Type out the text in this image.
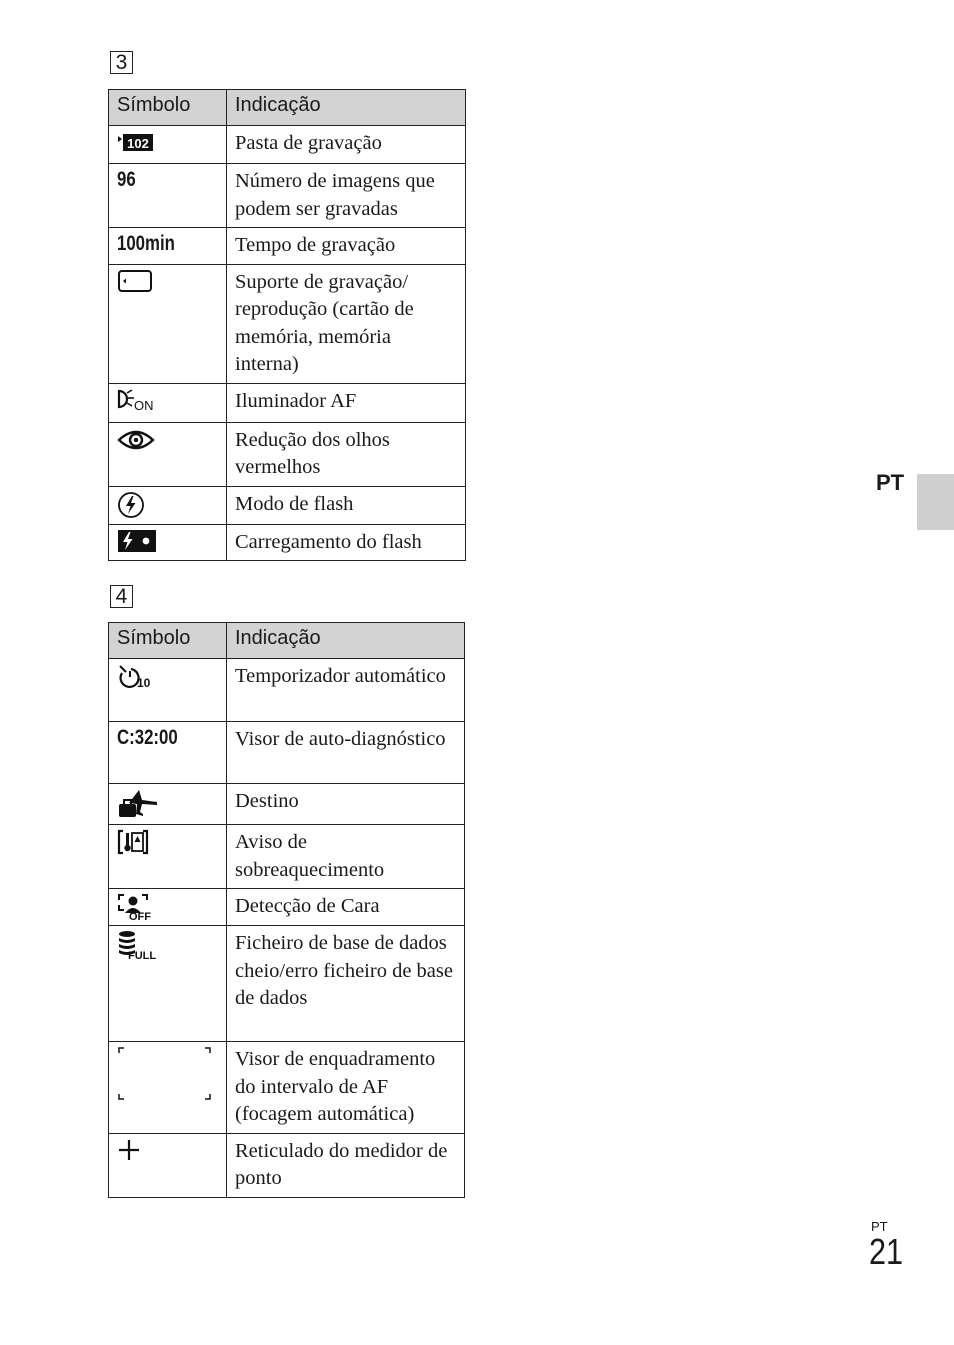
3
Símbolo	Indicação

102	Pasta de gravação
96	Número de imagens que podem ser gravadas
100min	Tempo de gravação

	Suporte de gravação/ reprodução (cartão de memória, memória interna)

ON	Iluminador AF

	Redução dos olhos vermelhos

	Modo de flash

	Carregamento do flash
4
Símbolo	Indicação

10	Temporizador automático
C:32:00	Visor de auto-diagnóstico

	Destino

	Aviso de sobreaquecimento

OFF	Detecção de Cara

FULL	Ficheiro de base de dados cheio/erro ficheiro de base de dados

	Visor de enquadramento do intervalo de AF (focagem automática)

	Reticulado do medidor de ponto
PT
PT
21
